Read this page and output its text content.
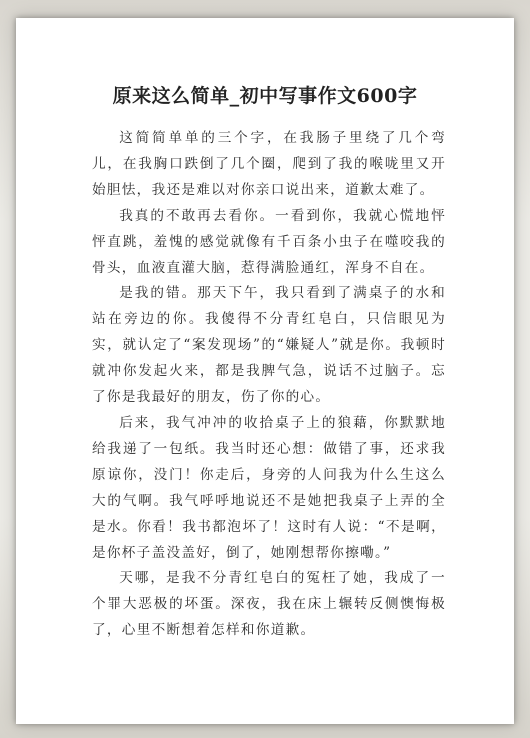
原来这么简单_初中写事作文600字

这简简单单的三个字，在我肠子里绕了几个弯儿，在我胸口跌倒了几个圈，爬到了我的喉咙里又开始胆怯，我还是难以对你亲口说出来，道歉太难了。

我真的不敢再去看你。一看到你，我就心慌地怦怦直跳，羞愧的感觉就像有千百条小虫子在噬咬我的骨头，血液直灌大脑，惹得满脸通红，浑身不自在。

是我的错。那天下午，我只看到了满桌子的水和站在旁边的你。我傻得不分青红皂白，只信眼见为实，就认定了“案发现场”的“嫌疑人”就是你。我顿时就冲你发起火来，都是我脾气急，说话不过脑子。忘了你是我最好的朋友，伤了你的心。

后来，我气冲冲的收拾桌子上的狼藉，你默默地给我递了一包纸。我当时还心想：做错了事，还求我原谅你，没门！你走后，身旁的人问我为什么生这么大的气啊。我气呼呼地说还不是她把我桌子上弄的全是水。你看！我书都泡坏了！这时有人说：“不是啊，是你杯子盖没盖好，倒了，她刚想帮你擦嘞。”

天哪，是我不分青红皂白的冤枉了她，我成了一个罪大恶极的坏蛋。深夜，我在床上辗转反侧懊悔极了，心里不断想着怎样和你道歉。
